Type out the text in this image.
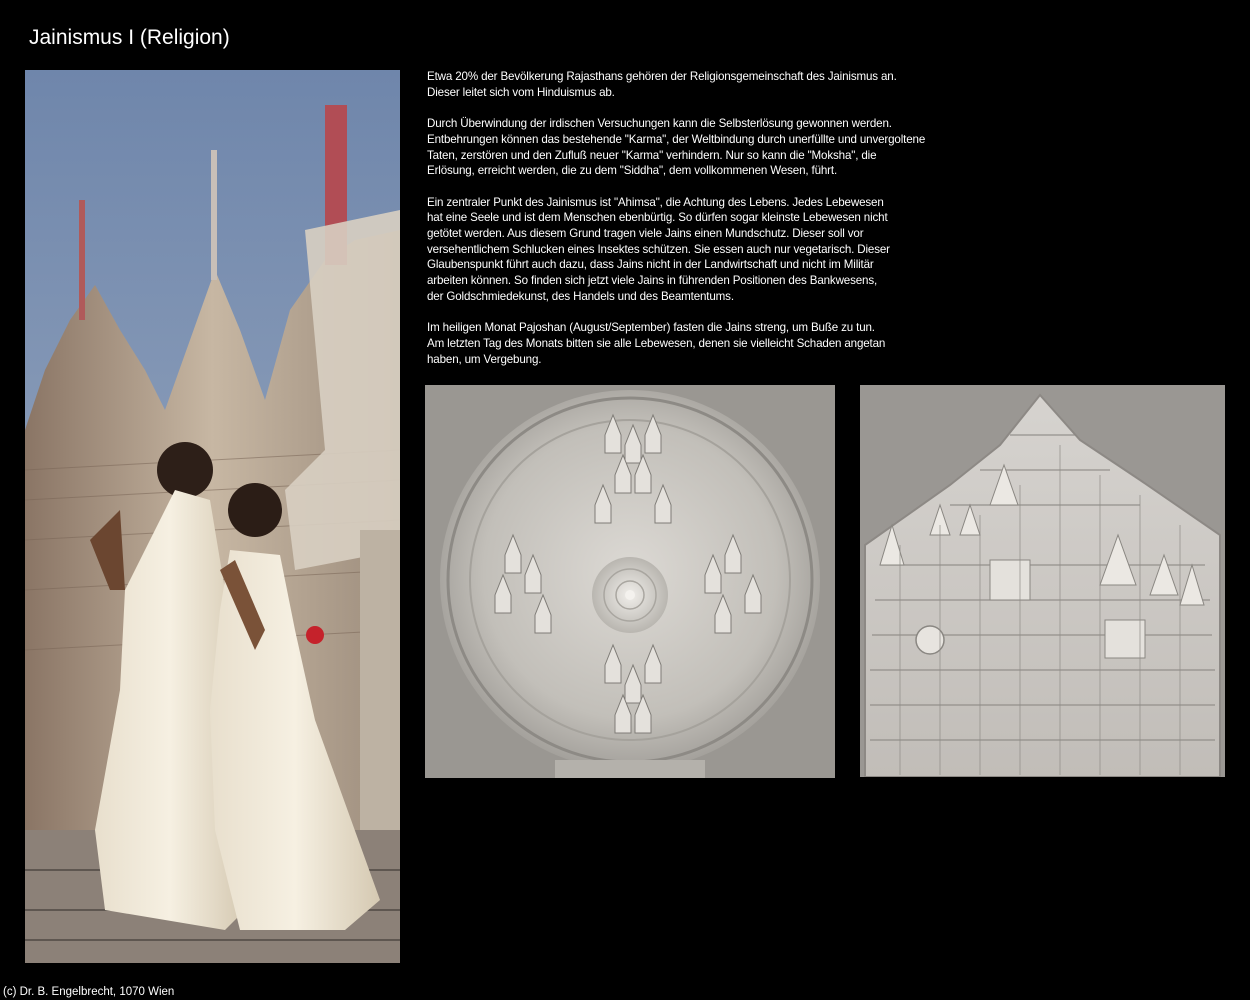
Jainismus I (Religion)

Etwa 20% der Bevölkerung Rajasthans gehören der Religionsgemeinschaft des Jainismus an.
Dieser leitet sich vom Hinduismus ab.

Durch Überwindung der irdischen Versuchungen kann die Selbsterlösung gewonnen werden.
Entbehrungen können das bestehende "Karma", der Weltbindung durch unerfüllte und unvergoltene
Taten, zerstören und den Zufluß neuer "Karma" verhindern. Nur so kann die "Moksha", die
Erlösung, erreicht werden, die zu dem "Siddha", dem vollkommenen Wesen, führt.

Ein zentraler Punkt des Jainismus ist "Ahimsa", die Achtung des Lebens. Jedes Lebewesen
hat eine Seele und ist dem Menschen ebenbürtig. So dürfen sogar kleinste Lebewesen nicht
getötet werden. Aus diesem Grund tragen viele Jains einen Mundschutz. Dieser soll vor
versehentlichem Schlucken eines Insektes schützen. Sie essen auch nur vegetarisch. Dieser
Glaubenspunkt führt auch dazu, dass Jains nicht in der Landwirtschaft und nicht im Militär
arbeiten können. So finden sich jetzt viele Jains in führenden Positionen des Bankwesens,
der Goldschmiedekunst, des Handels und des Beamtentums.

Im heiligen Monat Pajoshan (August/September) fasten die Jains streng, um Buße zu tun.
Am letzten Tag des Monats bitten sie alle Lebewesen, denen sie vielleicht Schaden angetan
haben, um Vergebung.

(c) Dr. B. Engelbrecht, 1070 Wien
